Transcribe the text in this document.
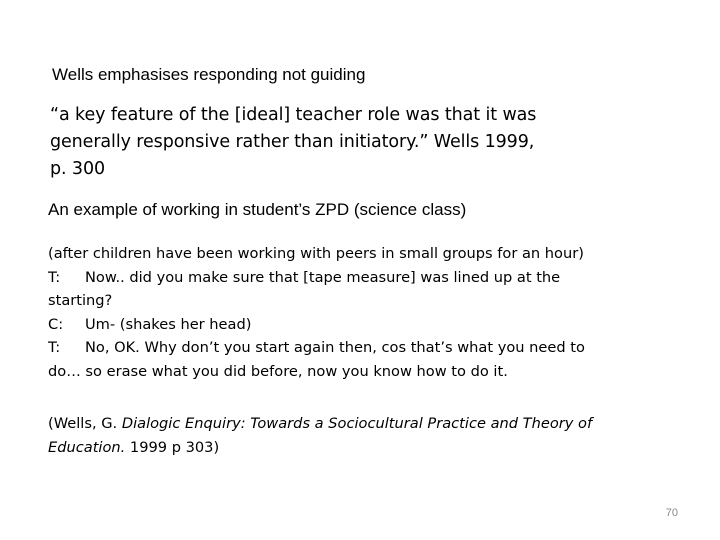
Wells emphasises responding not guiding
“a key feature of the [ideal] teacher role was that it was
generally responsive rather than initiatory.” Wells 1999,
p. 300
An example of working in student’s ZPD (science class)
(after children have been working with peers in small groups for an hour)
T: Now.. did you make sure that [tape measure] was lined up at the
starting?
C: Um- (shakes her head)
T: No, OK. Why don’t you start again then, cos that’s what you need to
do… so erase what you did before, now you know how to do it.
(Wells, G. Dialogic Enquiry: Towards a Sociocultural Practice and Theory of
Education. 1999 p 303)
70
